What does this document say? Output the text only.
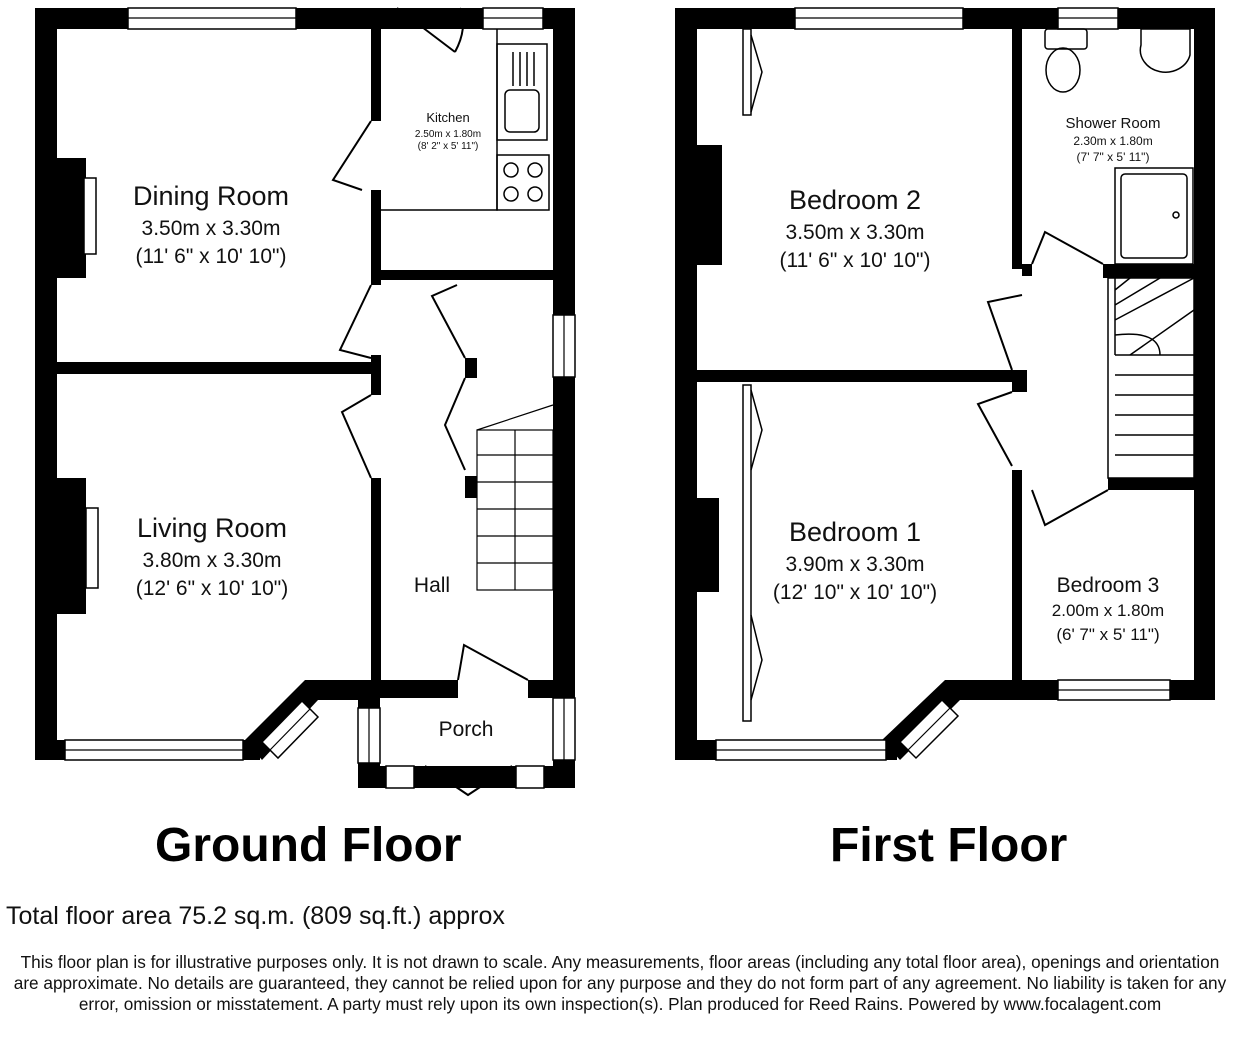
Dining Room
3.50m x 3.30m
(11' 6" x 10' 10")
Kitchen
2.50m x 1.80m
(8' 2" x 5' 11")
Living Room
3.80m x 3.30m
(12' 6" x 10' 10")	Hall
Porch
Bedroom 2
3.50m x 3.30m
(11' 6" x 10' 10")
Shower Room
2.30m x 1.80m
(7' 7" x 5' 11")
Bedroom 1
3.90m x 3.30m
(12' 10" x 10' 10")	Bedroom 3
2.00m x 1.80m
(6' 7" x 5' 11")
Ground Floor	First Floor
Total floor area 75.2 sq.m. (809 sq.ft.) approx
This floor plan is for illustrative purposes only. It is not drawn to scale. Any measurements, floor areas (including any total floor area), openings and orientation are approximate. No details are guaranteed, they cannot be relied upon for any purpose and they do not form part of any agreement. No liability is taken for any error, omission or misstatement. A party must rely upon its own inspection(s). Plan produced for Reed Rains. Powered by www.focalagent.com
